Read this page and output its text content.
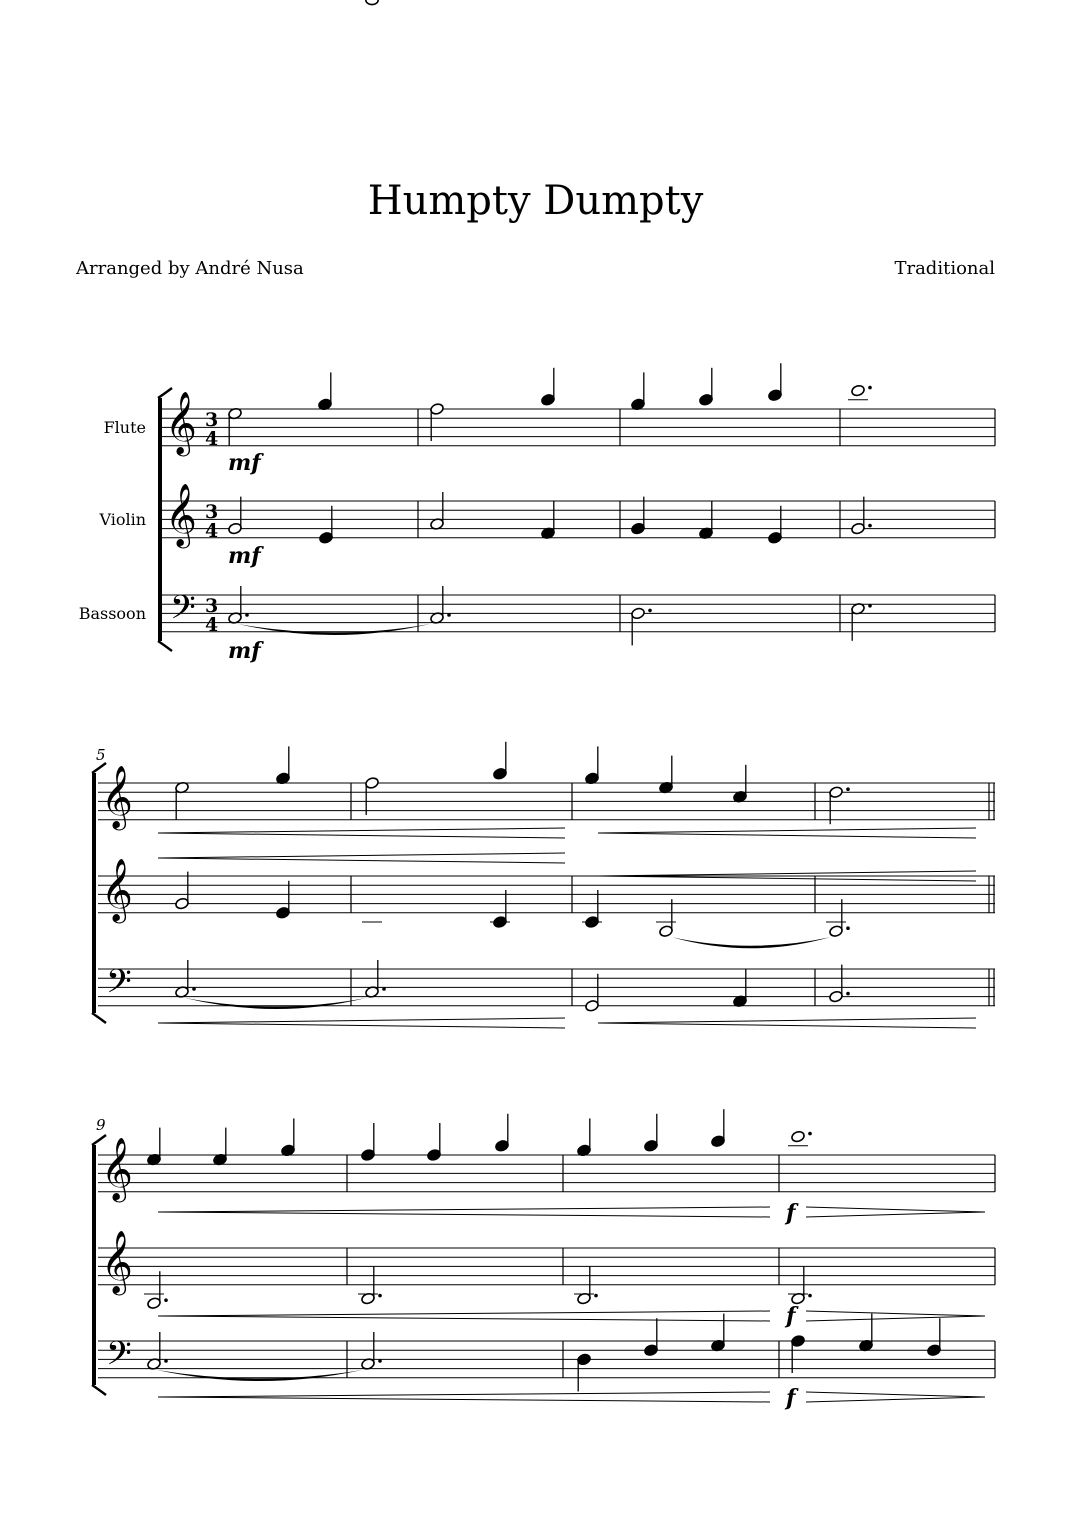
Humpty Dumpty
Arranged by André Nusa	Traditional
Flute
Violin
Bassoon
𝄞
𝄞
𝄢
3
4
3
4
3
4
mf
mf
mf
5
𝄞
𝄞
𝄢
9
𝄞
𝄞
𝄢
f
f
f
